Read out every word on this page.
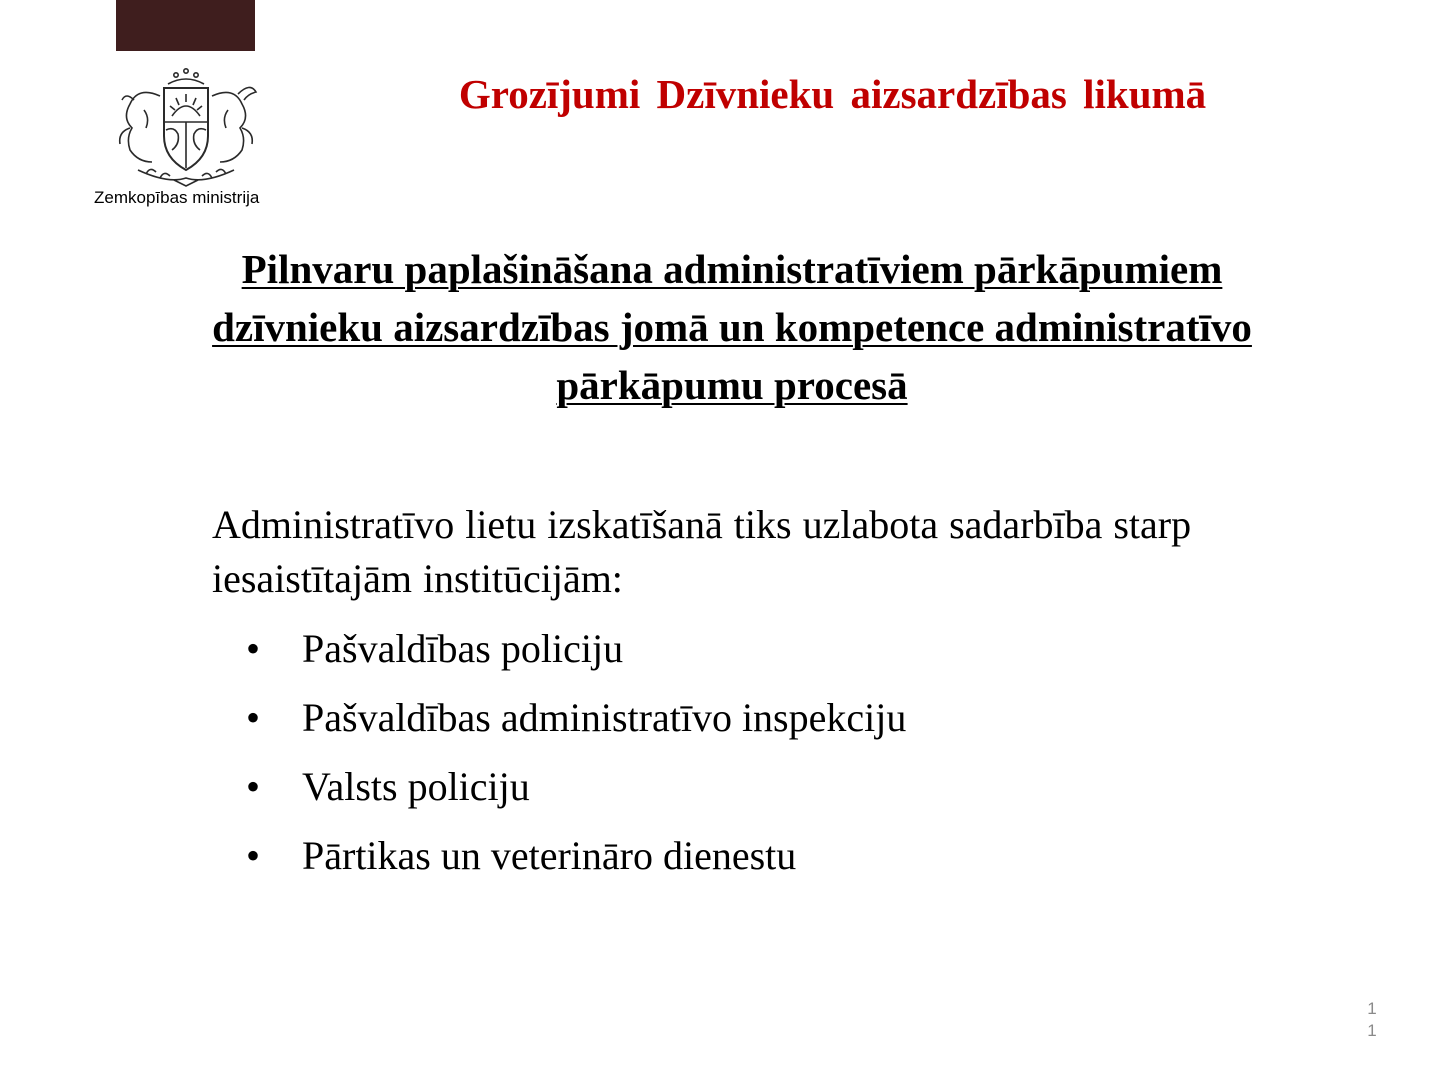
Zemkopības ministrija
Grozījumi Dzīvnieku aizsardzības likumā
Pilnvaru paplašināšana administratīviem pārkāpumiem
dzīvnieku aizsardzības jomā un kompetence administratīvo
pārkāpumu procesā

Administratīvo lietu izskatīšanā tiks uzlabota sadarbība starp iesaistītajām institūcijām:

• Pašvaldības policiju
• Pašvaldības administratīvo inspekciju
• Valsts policiju
• Pārtikas un veterināro dienestu
1
1
